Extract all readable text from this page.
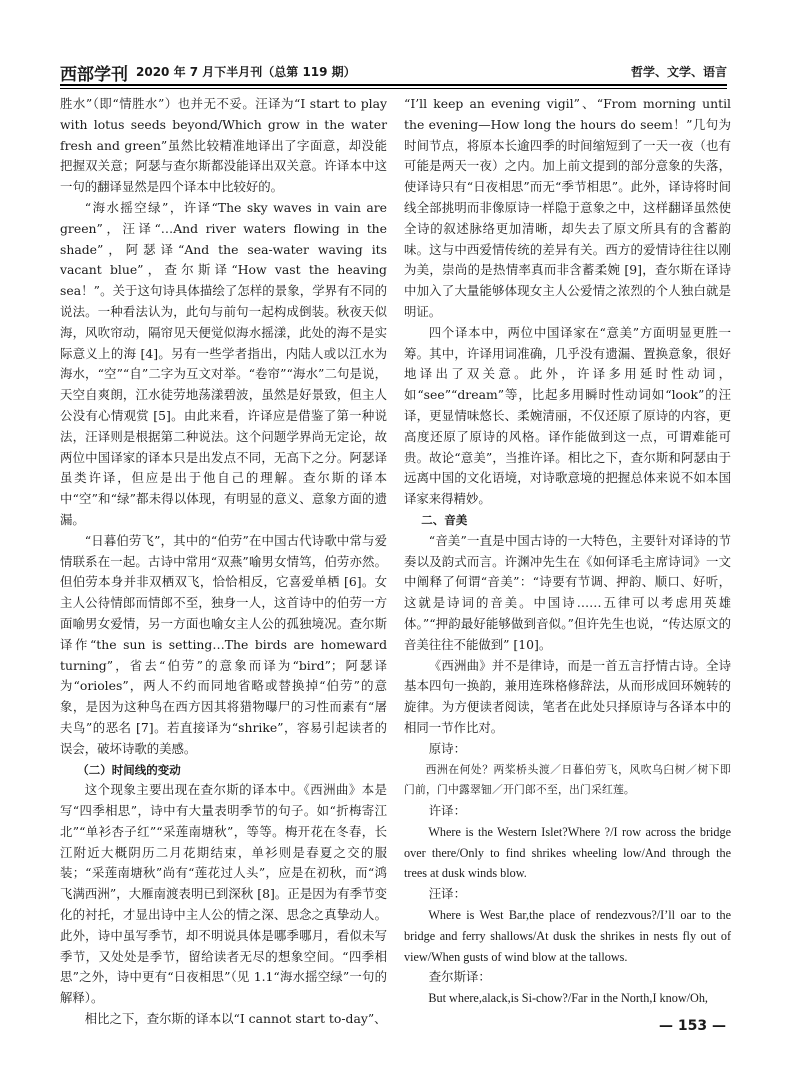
西部学刊 2020 年 7 月下半月刊（总第 119 期）	哲学、文学、语言

胜水”（即“情胜水”）也并无不妥。汪译为“I start to play with lotus seeds beyond/Which grow in the water fresh and green”虽然比较精准地译出了字面意，却没能把握双关意；阿瑟与查尔斯都没能译出双关意。许译本中这一句的翻译显然是四个译本中比较好的。

“海水摇空绿”，许译“The sky waves in vain are green”，汪译“…And river waters flowing in the shade”，阿瑟译“And the sea-water waving its vacant blue”，查尔斯译“How vast the heaving sea！”。关于这句诗具体描绘了怎样的景象，学界有不同的说法。一种看法认为，此句与前句一起构成倒装。秋夜天似海，风吹帘动，隔帘见天便觉似海水摇漾，此处的海不是实际意义上的海 [4]。另有一些学者指出，内陆人或以江水为海水，“空”“自”二字为互文对举。“卷帘”“海水”二句是说，天空自爽朗，江水徒劳地荡漾碧波，虽然是好景致，但主人公没有心情观赏 [5]。由此来看，许译应是借鉴了第一种说法，汪译则是根据第二种说法。这个问题学界尚无定论，故两位中国译家的译本只是出发点不同，无高下之分。阿瑟译虽类许译，但应是出于他自己的理解。查尔斯的译本中“空”和“绿”都未得以体现，有明显的意义、意象方面的遗漏。

“日暮伯劳飞”，其中的“伯劳”在中国古代诗歌中常与爱情联系在一起。古诗中常用“双燕”喻男女情笃，伯劳亦然。但伯劳本身并非双栖双飞，恰恰相反，它喜爱单栖 [6]。女主人公待情郎而情郎不至，独身一人，这首诗中的伯劳一方面喻男女爱情，另一方面也喻女主人公的孤独境况。查尔斯译作“the sun is setting…The birds are homeward turning”，省去“伯劳”的意象而译为“bird”；阿瑟译为“orioles”，两人不约而同地省略或替换掉“伯劳”的意象，是因为这种鸟在西方因其将猎物曝尸的习性而素有“屠夫鸟”的恶名 [7]。若直接译为“shrike”，容易引起读者的误会，破坏诗歌的美感。

（二）时间线的变动

这个现象主要出现在查尔斯的译本中。《西洲曲》本是写“四季相思”，诗中有大量表明季节的句子。如“折梅寄江北”“单衫杏子红”“采莲南塘秋”，等等。梅开花在冬春，长江附近大概阴历二月花期结束，单衫则是春夏之交的服装；“采莲南塘秋”尚有“莲花过人头”，应是在初秋，而“鸿飞满西洲”，大雁南渡表明已到深秋 [8]。正是因为有季节变化的衬托，才显出诗中主人公的情之深、思念之真挚动人。此外，诗中虽写季节，却不明说具体是哪季哪月，看似未写季节，又处处是季节，留给读者无尽的想象空间。“四季相思”之外，诗中更有“日夜相思”（见 1.1“海水摇空绿”一句的解释）。

相比之下，查尔斯的译本以“I cannot start to-day”、

“I’ll keep an evening vigil”、“From morning until the evening—How long the hours do seem！”几句为时间节点，将原本长逾四季的时间缩短到了一天一夜（也有可能是两天一夜）之内。加上前文提到的部分意象的失落，使译诗只有“日夜相思”而无“季节相思”。此外，译诗将时间线全部挑明而非像原诗一样隐于意象之中，这样翻译虽然使全诗的叙述脉络更加清晰，却失去了原文所具有的含蓄韵味。这与中西爱情传统的差异有关。西方的爱情诗往往以刚为美，崇尚的是热情率真而非含蓄柔婉 [9]，查尔斯在译诗中加入了大量能够体现女主人公爱情之浓烈的个人独白就是明证。

四个译本中，两位中国译家在“意美”方面明显更胜一筹。其中，许译用词准确，几乎没有遗漏、置换意象，很好地译出了双关意。此外，许译多用延时性动词，如“see”“dream”等，比起多用瞬时性动词如“look”的汪译，更显情味悠长、柔婉清丽，不仅还原了原诗的内容，更高度还原了原诗的风格。译作能做到这一点，可谓难能可贵。故论“意美”，当推许译。相比之下，查尔斯和阿瑟由于远离中国的文化语境，对诗歌意境的把握总体来说不如本国译家来得精妙。

二、音美

“音美”一直是中国古诗的一大特色，主要针对译诗的节奏以及韵式而言。许渊冲先生在《如何译毛主席诗词》一文中阐释了何谓“音美”：“诗要有节调、押韵、顺口、好听，这就是诗词的音美。中国诗……五律可以考虑用英雄体。”“押韵最好能够做到音似。”但许先生也说，“传达原文的音美往往不能做到” [10]。

《西洲曲》并不是律诗，而是一首五言抒情古诗。全诗基本四句一换韵，兼用连珠格修辞法，从而形成回环婉转的旋律。为方便读者阅读，笔者在此处只择原诗与各译本中的相同一节作比对。

原诗：

西洲在何处？两桨桥头渡／日暮伯劳飞，风吹乌臼树／树下即门前，门中露翠钿／开门郎不至，出门采红莲。

许译：

Where is the Western Islet?Where ?/I row across the bridge over there/Only to find shrikes wheeling low/And through the trees at dusk winds blow.

汪译：

Where is West Bar,the place of rendezvous?/I’ll oar to the bridge and ferry shallows/At dusk the shrikes in nests fly out of view/When gusts of wind blow at the tallows.

查尔斯译：

But where,alack,is Si-chow?/Far in the North,I know/Oh,

— 153 —
